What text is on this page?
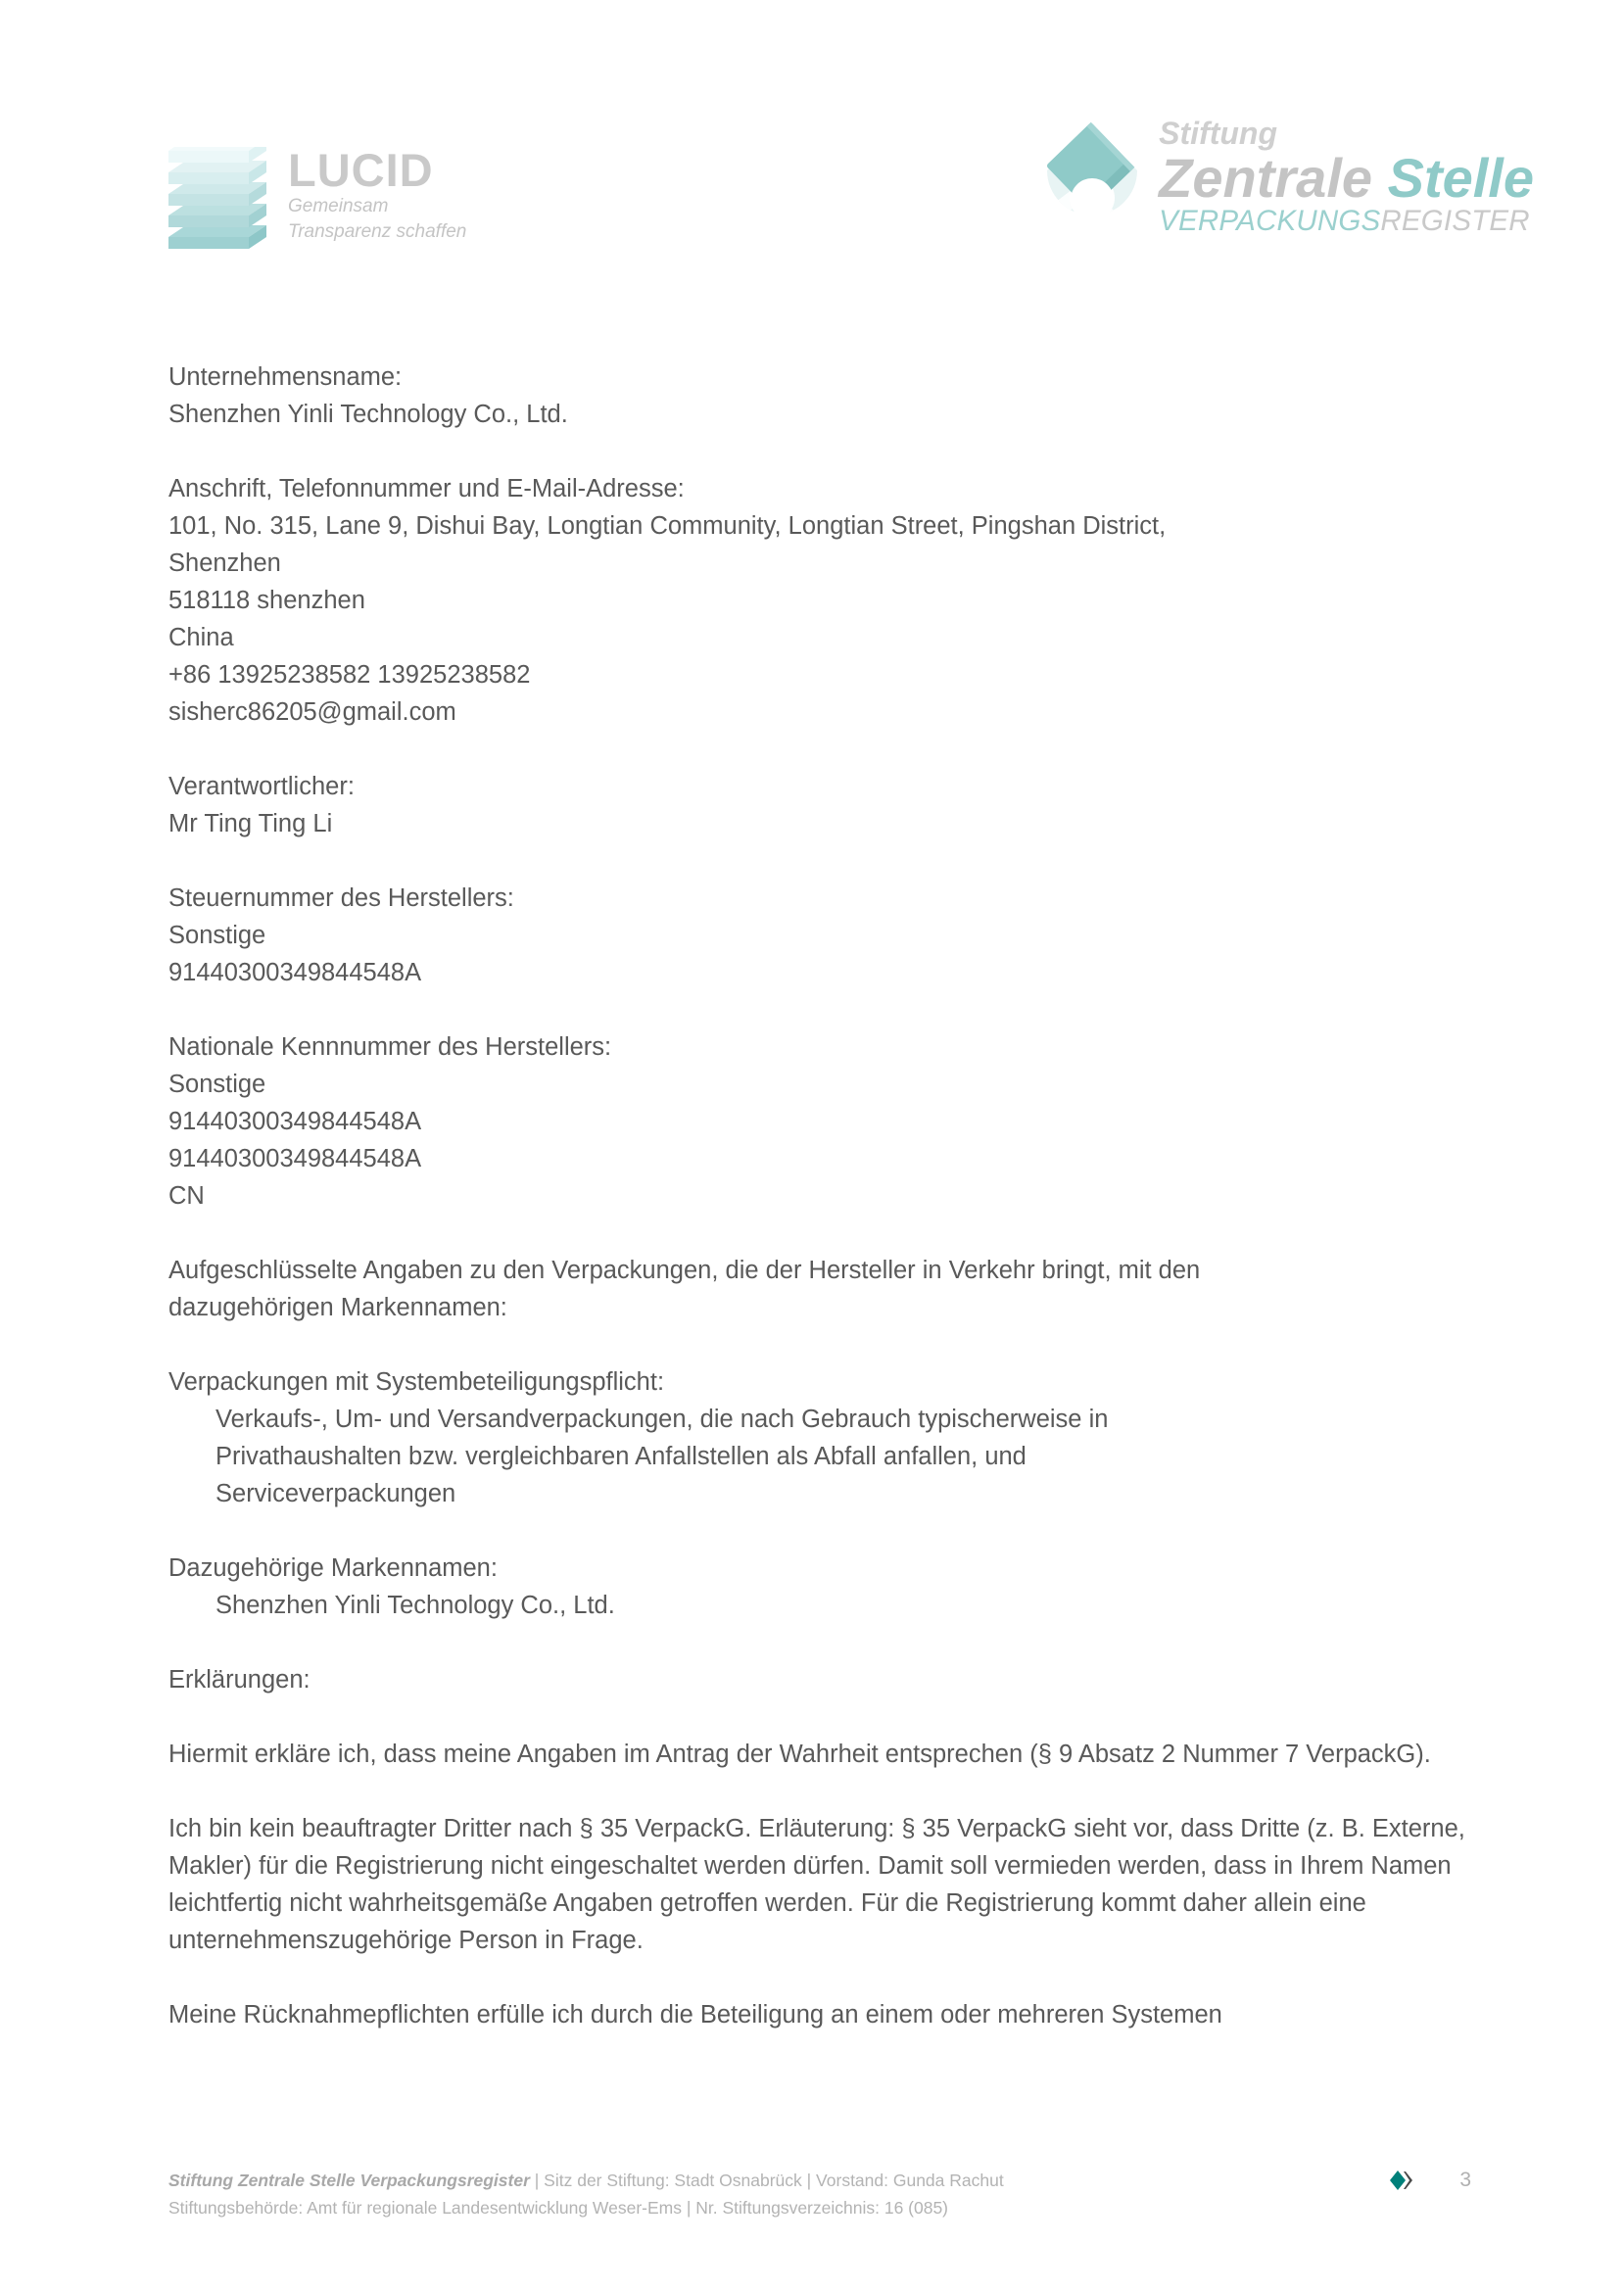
LUCID
Gemeinsam
Transparenz schaffen
Stiftung
Zentrale Stelle
VERPACKUNGSREGISTER
Unternehmensname:
Shenzhen Yinli Technology Co., Ltd.
Anschrift, Telefonnummer und E-Mail-Adresse:
101, No. 315, Lane 9, Dishui Bay, Longtian Community, Longtian Street, Pingshan District,
Shenzhen
518118 shenzhen
China
+86 13925238582 13925238582
sisherc86205@gmail.com
Verantwortlicher:
Mr Ting Ting Li
Steuernummer des Herstellers:
Sonstige
91440300349844548A
Nationale Kennnummer des Herstellers:
Sonstige
91440300349844548A
91440300349844548A
CN
Aufgeschlüsselte Angaben zu den Verpackungen, die der Hersteller in Verkehr bringt, mit den
dazugehörigen Markennamen:
Verpackungen mit Systembeteiligungspflicht:
Verkaufs-, Um- und Versandverpackungen, die nach Gebrauch typischerweise in
Privathaushalten bzw. vergleichbaren Anfallstellen als Abfall anfallen, und
Serviceverpackungen
Dazugehörige Markennamen:
Shenzhen Yinli Technology Co., Ltd.
Erklärungen:
Hiermit erkläre ich, dass meine Angaben im Antrag der Wahrheit entsprechen (§ 9 Absatz 2 Nummer 7 VerpackG).
Ich bin kein beauftragter Dritter nach § 35 VerpackG. Erläuterung: § 35 VerpackG sieht vor, dass Dritte (z. B. Externe, Makler) für die Registrierung nicht eingeschaltet werden dürfen. Damit soll vermieden werden, dass in Ihrem Namen leichtfertig nicht wahrheitsgemäße Angaben getroffen werden. Für die Registrierung kommt daher allein eine unternehmenszugehörige Person in Frage.
Meine Rücknahmepflichten erfülle ich durch die Beteiligung an einem oder mehreren Systemen
Stiftung Zentrale Stelle Verpackungsregister | Sitz der Stiftung: Stadt Osnabrück | Vorstand: Gunda Rachut
Stiftungsbehörde: Amt für regionale Landesentwicklung Weser-Ems | Nr. Stiftungsverzeichnis: 16 (085)
3
